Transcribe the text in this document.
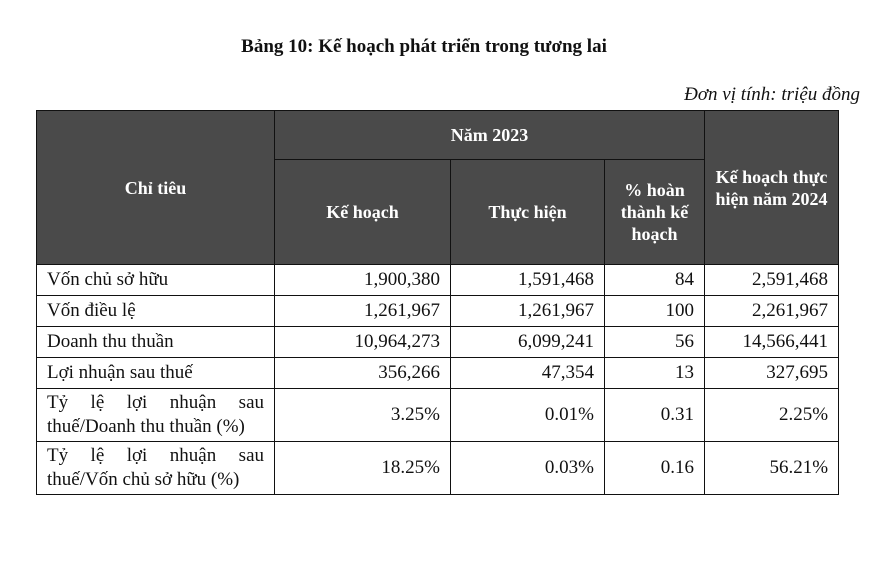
Bảng 10: Kế hoạch phát triển trong tương lai
Đơn vị tính: triệu đồng
Chỉ tiêu	Năm 2023			Kế hoạch thực hiện năm 2024
	Kế hoạch	Thực hiện	% hoàn thành kế hoạch	
Vốn chủ sở hữu	1,900,380	1,591,468	84	2,591,468
Vốn điều lệ	1,261,967	1,261,967	100	2,261,967
Doanh thu thuần	10,964,273	6,099,241	56	14,566,441
Lợi nhuận sau thuế	356,266	47,354	13	327,695
Tỷ lệ lợi nhuận sau thuế/Doanh thu thuần (%)	3.25%	0.01%	0.31	2.25%
Tỷ lệ lợi nhuận sau thuế/Vốn chủ sở hữu (%)	18.25%	0.03%	0.16	56.21%
